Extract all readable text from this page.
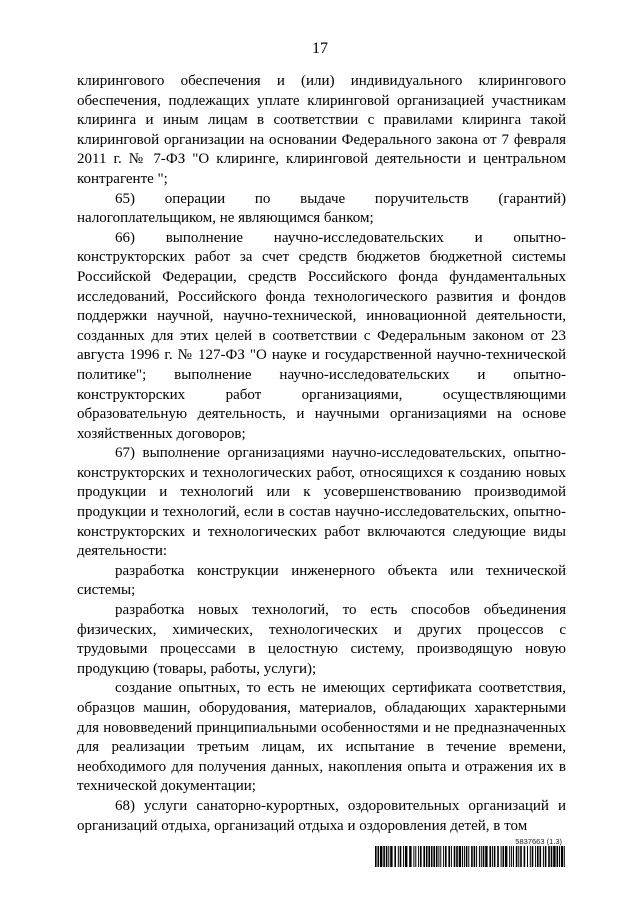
17

клирингового обеспечения и (или) индивидуального клирингового обеспечения, подлежащих уплате клиринговой организацией участникам клиринга и иным лицам в соответствии с правилами клиринга такой клиринговой организации на основании Федерального закона от 7 февраля 2011 г. № 7-ФЗ "О клиринге, клиринговой деятельности и центральном контрагенте ";

65) операции по выдаче поручительств (гарантий) налогоплательщиком, не являющимся банком;

66) выполнение научно-исследовательских и опытно-конструкторских работ за счет средств бюджетов бюджетной системы Российской Федерации, средств Российского фонда фундаментальных исследований, Российского фонда технологического развития и фондов поддержки научной, научно-технической, инновационной деятельности, созданных для этих целей в соответствии с Федеральным законом от 23 августа 1996 г. № 127-ФЗ "О науке и государственной научно-технической политике"; выполнение научно-исследовательских и опытно-конструкторских работ организациями, осуществляющими образовательную деятельность, и научными организациями на основе хозяйственных договоров;

67) выполнение организациями научно-исследовательских, опытно-конструкторских и технологических работ, относящихся к созданию новых продукции и технологий или к усовершенствованию производимой продукции и технологий, если в состав научно-исследовательских, опытно-конструкторских и технологических работ включаются следующие виды деятельности:

разработка конструкции инженерного объекта или технической системы;

разработка новых технологий, то есть способов объединения физических, химических, технологических и других процессов с трудовыми процессами в целостную систему, производящую новую продукцию (товары, работы, услуги);

создание опытных, то есть не имеющих сертификата соответствия, образцов машин, оборудования, материалов, обладающих характерными для нововведений принципиальными особенностями и не предназначенных для реализации третьим лицам, их испытание в течение времени, необходимого для получения данных, накопления опыта и отражения их в технической документации;

68) услуги санаторно-курортных, оздоровительных организаций и организаций отдыха, организаций отдыха и оздоровления детей, в том

5837663 (1.3)
